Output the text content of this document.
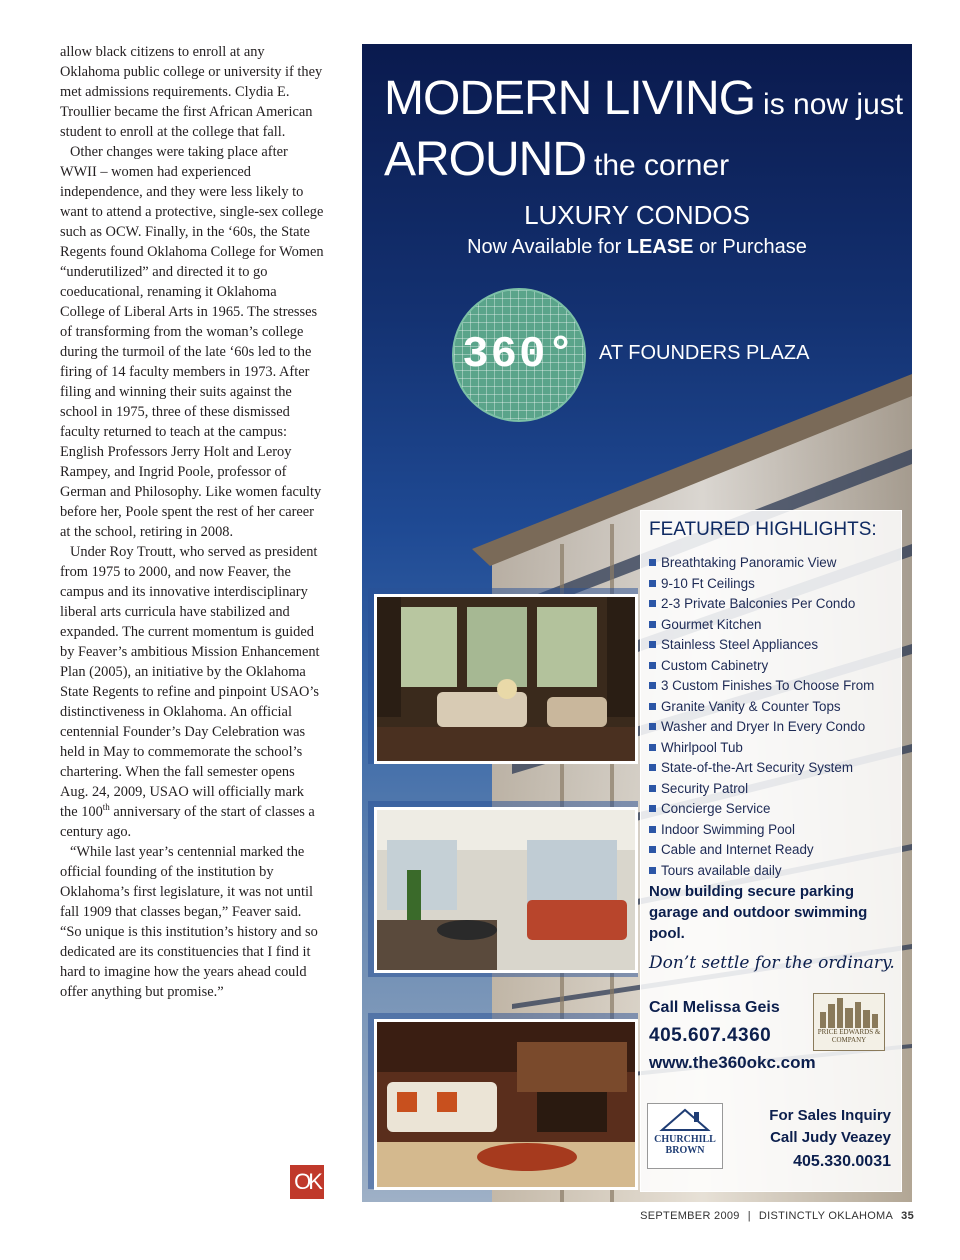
allow black citizens to enroll at any Oklahoma public college or university if they met admissions requirements. Clydia E. Troullier became the first African American student to enroll at the college that fall.

Other changes were taking place after WWII – women had experienced independence, and they were less likely to want to attend a protective, single-sex college such as OCW. Finally, in the ‘60s, the State Regents found Oklahoma College for Women “underutilized” and directed it to go coeducational, renaming it Oklahoma College of Liberal Arts in 1965. The stresses of transforming from the woman’s college during the turmoil of the late ‘60s led to the firing of 14 faculty members in 1973. After filing and winning their suits against the school in 1975, three of these dismissed faculty returned to teach at the campus: English Professors Jerry Holt and Leroy Rampey, and Ingrid Poole, professor of German and Philosophy. Like women faculty before her, Poole spent the rest of her career at the school, retiring in 2008.

Under Roy Troutt, who served as president from 1975 to 2000, and now Feaver, the campus and its innovative interdisciplinary liberal arts curricula have stabilized and expanded. The current momentum is guided by Feaver’s ambitious Mission Enhancement Plan (2005), an initiative by the Oklahoma State Regents to refine and pinpoint USAO’s distinctiveness in Oklahoma. An official centennial Founder’s Day Celebration was held in May to commemorate the school’s chartering. When the fall semester opens Aug. 24, 2009, USAO will officially mark the 100th anniversary of the start of classes a century ago.

“While last year’s centennial marked the official founding of the institution by Oklahoma’s first legislature, it was not until fall 1909 that classes began,” Feaver said. “So unique is this institution’s history and so dedicated are its constituencies that I find it hard to imagine how the years ahead could offer anything but promise.”

OK
MODERN LIVING is now just
AROUND the corner
LUXURY CONDOS
Now Available for LEASE or Purchase
360°	AT FOUNDERS PLAZA
FEATURED HIGHLIGHTS:
Breathtaking Panoramic View
9-10 Ft Ceilings
2-3 Private Balconies Per Condo
Gourmet Kitchen
Stainless Steel Appliances
Custom Cabinetry
3 Custom Finishes To Choose From
Granite Vanity & Counter Tops
Washer and Dryer In Every Condo
Whirlpool Tub
State-of-the-Art Security System
Security Patrol
Concierge Service
Indoor Swimming Pool
Cable and Internet Ready
Tours available daily
Now building secure parking garage and outdoor swimming pool.
Don’t settle for the ordinary.
Call Melissa Geis
405.607.4360
www.the360okc.com
PRICE EDWARDS & COMPANY
CHURCHILL BROWN
For Sales Inquiry
Call Judy Veazey
405.330.0031
SEPTEMBER 2009 | DISTINCTLY OKLAHOMA 35
